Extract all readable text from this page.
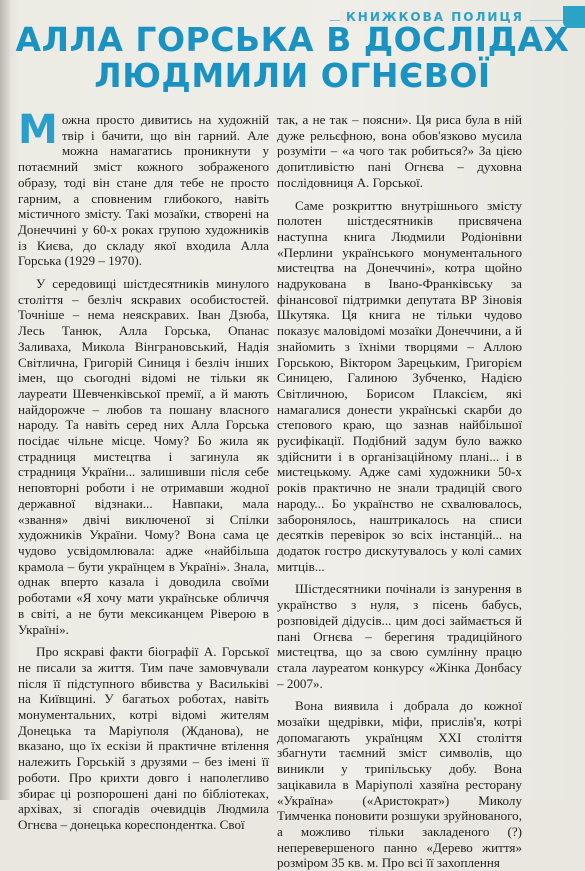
КНИЖКОВА ПОЛИЦЯ
АЛЛА ГОРСЬКА В ДОСЛІДАХ
ЛЮДМИЛИ ОГНЄВОЇ

Можна просто дивитись на художній твір і бачити, що він гарний. Але можна намагатись проникнути у потаємний зміст кожного зображеного образу, тоді він стане для тебе не просто гарним, а сповненим глибокого, навіть містичного змісту. Такі мозаїки, створені на Донеччині у 60-х роках групою художників із Києва, до складу якої входила Алла Горська (1929 – 1970).

У середовищі шістдесятників минулого століття – безліч яскравих особистостей. Точніше – нема неяскравих. Іван Дзюба, Лесь Танюк, Алла Горська, Опанас Заливаха, Микола Вінграновський, Надія Світлична, Григорій Синиця і безліч інших імен, що сьогодні відомі не тільки як лауреати Шевченківської премії, а й мають найдорожче – любов та пошану власного народу. Та навіть серед них Алла Горська посідає чільне місце. Чому? Бо жила як страдниця мистецтва і загинула як страдниця України... залишивши після себе неповторні роботи і не отримавши жодної державної відзнаки... Навпаки, мала «звання» двічі виключеної зі Спілки художників України. Чому? Вона сама це чудово усвідомлювала: адже «найбільша крамола – бути українцем в Україні». Знала, однак вперто казала і доводила своїми роботами «Я хочу мати українське обличчя в світі, а не бути мексиканцем Ріверою в Україні».

Про яскраві факти біографії А. Горської не писали за життя. Тим паче замовчували після її підступного вбивства у Васильківі на Київщині. У багатьох роботах, навіть монументальних, котрі відомі жителям Донецька та Маріуполя (Жданова), не вказано, що їх ескізи й практичне втілення належить Горській з друзями – без імені її роботи. Про крихти довго і наполегливо збирає ці розпорошені дані по бібліотеках, архівах, зі спогадів очевидців Людмила Огнєва – донецька кореспондентка. Свої

так, а не так – поясни». Ця риса була в ній дуже рельєфною, вона обов'язково мусила розуміти – «а чого так робиться?» За цією допитливістю пані Огнєва – духовна послідовниця А. Горської.

Саме розкриттю внутрішнього змісту полотен шістдесятників присвячена наступна книга Людмили Родіонівни «Перлини українського монументального мистецтва на Донеччині», котра щойно надрукована в Івано-Франківську за фінансової підтримки депутата ВР Зіновія Шкутяка. Ця книга не тільки чудово показує маловідомі мозаїки Донеччини, а й знайомить з їхніми творцями – Аллою Горською, Віктором Зарецьким, Григорієм Синицею, Галиною Зубченко, Надією Світличною, Борисом Плаксієм, які намагалися донести українські скарби до степового краю, що зазнав найбільшої русифікації. Подібний задум було важко здійснити і в організаційному плані... і в мистецькому. Адже самі художники 50-х років практично не знали традицій свого народу... Бо українство не схвалювалось, заборонялось, наштрикалось на списи десятків перевірок зо всіх інстанцій... на додаток гостро дискутувалось у колі самих митців...

Шістдесятники почінали із занурення в українство з нуля, з пісень бабусь, розповідей дідусів... цим досі займається й пані Огнєва – берегиня традиційного мистецтва, що за свою сумлінну працю стала лауреатом конкурсу «Жінка Донбасу – 2007».

Вона виявила і добрала до кожної мозаїки щедрівки, міфи, прислів'я, котрі допомагають українцям XXI століття збагнути таємний зміст символів, що виникли у трипільську добу. Вона зацікавила в Маріуполі хазяїна ресторану «Україна» («Аристократ») Миколу Тимченка поновити розшуки зруйнованого, а можливо тільки закладеного (?) неперевершеного панно «Дерево життя» розміром 35 кв. м. Про всі її захоплення
